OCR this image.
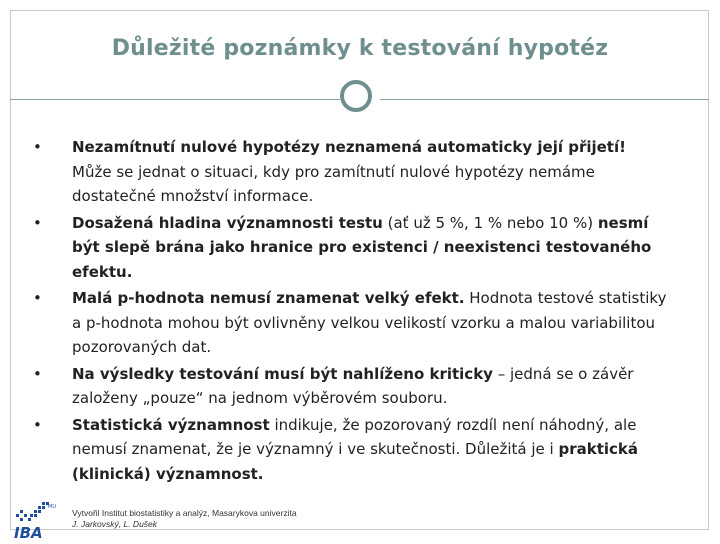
Důležité poznámky k testování hypotéz
• Nezamítnutí nulové hypotézy neznamená automaticky její přijetí! Může se jednat o situaci, kdy pro zamítnutí nulové hypotézy nemáme dostatečné množství informace.
• Dosažená hladina významnosti testu (ať už 5 %, 1 % nebo 10 %) nesmí být slepě brána jako hranice pro existenci / neexistenci testovaného efektu.
• Malá p-hodnota nemusí znamenat velký efekt. Hodnota testové statistiky a p-hodnota mohou být ovlivněny velkou velikostí vzorku a malou variabilitou pozorovaných dat.
• Na výsledky testování musí být nahlíženo kriticky – jedná se o závěr založeny „pouze“ na jednom výběrovém souboru.
• Statistická významnost indikuje, že pozorovaný rozdíl není náhodný, ale nemusí znamenat, že je významný i ve skutečnosti. Důležitá je i praktická (klinická) významnost.
IBA
MU
Vytvořil Institut biostatistiky a analýz, Masarykova univerzita
J. Jarkovský, L. Dušek
